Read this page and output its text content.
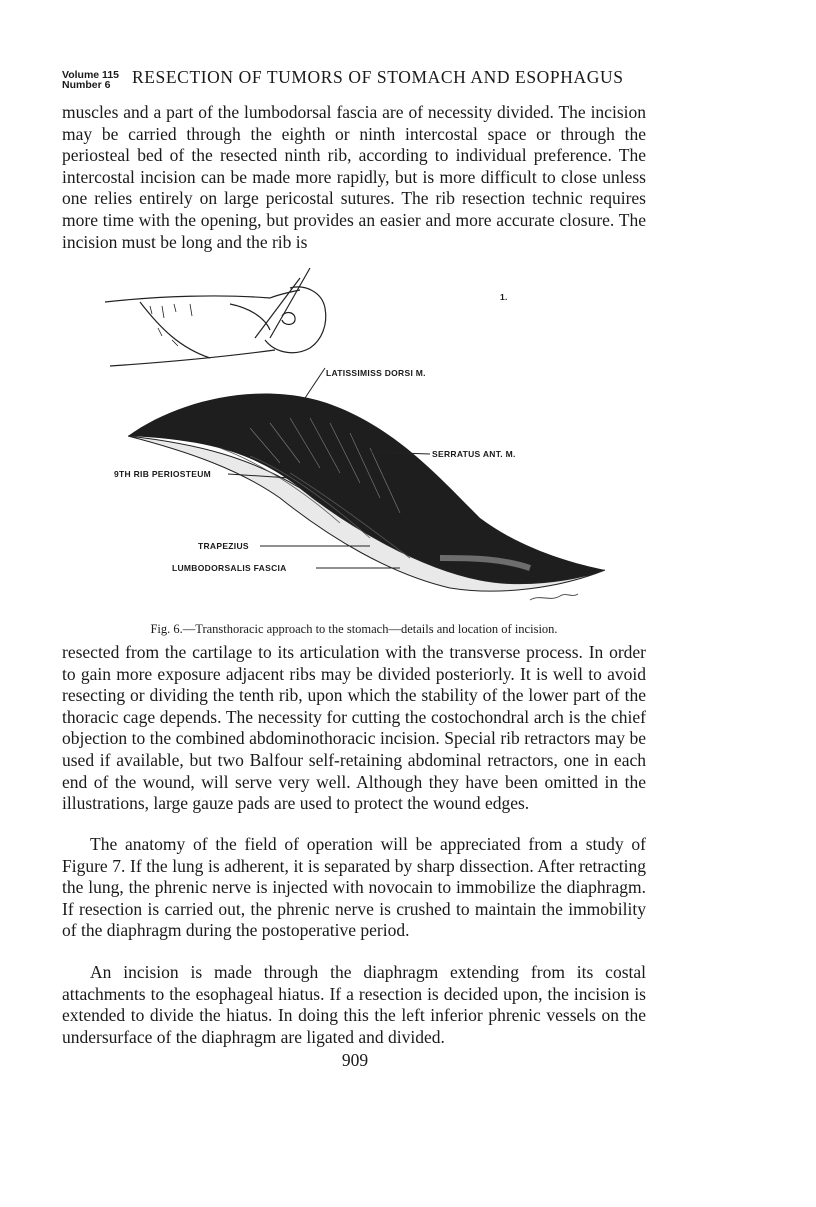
Volume 115
Number 6	RESECTION OF TUMORS OF STOMACH AND ESOPHAGUS

muscles and a part of the lumbodorsal fascia are of necessity divided. The incision may be carried through the eighth or ninth intercostal space or through the periosteal bed of the resected ninth rib, according to individual preference. The intercostal incision can be made more rapidly, but is more difficult to close unless one relies entirely on large pericostal sutures. The rib resection technic requires more time with the opening, but provides an easier and more accurate closure. The incision must be long and the rib is

1.
LATISSIMISS DORSI M.
SERRATUS ANT. M.
9TH RIB PERIOSTEUM
TRAPEZIUS
LUMBODORSALIS FASCIA
Fig. 6.—Transthoracic approach to the stomach—details and location of incision.

resected from the cartilage to its articulation with the transverse process. In order to gain more exposure adjacent ribs may be divided posteriorly. It is well to avoid resecting or dividing the tenth rib, upon which the stability of the lower part of the thoracic cage depends. The necessity for cutting the costochondral arch is the chief objection to the combined abdominothoracic incision. Special rib retractors may be used if available, but two Balfour self-retaining abdominal retractors, one in each end of the wound, will serve very well. Although they have been omitted in the illustrations, large gauze pads are used to protect the wound edges.

The anatomy of the field of operation will be appreciated from a study of Figure 7. If the lung is adherent, it is separated by sharp dissection. After retracting the lung, the phrenic nerve is injected with novocain to immobilize the diaphragm. If resection is carried out, the phrenic nerve is crushed to maintain the immobility of the diaphragm during the postoperative period.

An incision is made through the diaphragm extending from its costal attachments to the esophageal hiatus. If a resection is decided upon, the incision is extended to divide the hiatus. In doing this the left inferior phrenic vessels on the undersurface of the diaphragm are ligated and divided.

909
